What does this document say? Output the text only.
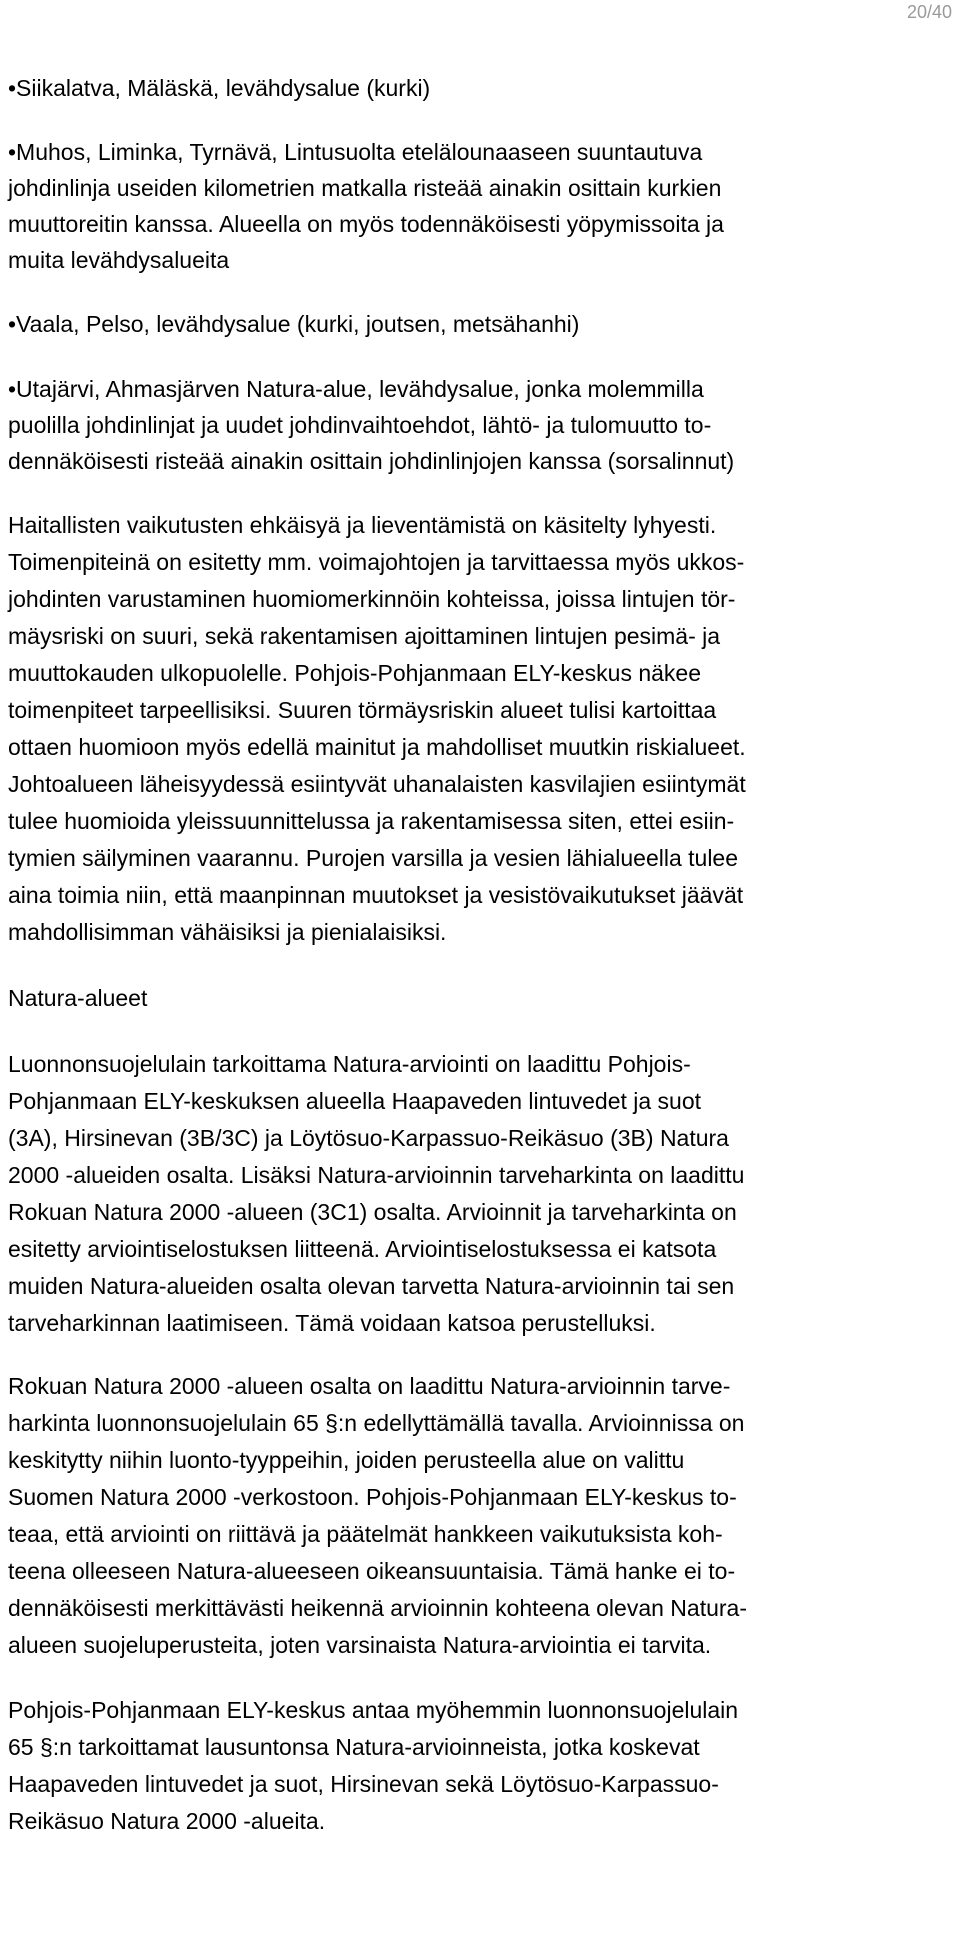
20/40

•Siikalatva, Mäläskä, levähdysalue (kurki)

•Muhos, Liminka, Tyrnävä, Lintusuolta etelälounaaseen suuntautuva

johdinlinja useiden kilometrien matkalla risteää ainakin osittain kurkien

muuttoreitin kanssa. Alueella on myös todennäköisesti yöpymissoita ja

muita levähdysalueita

•Vaala, Pelso, levähdysalue (kurki, joutsen, metsähanhi)

•Utajärvi, Ahmasjärven Natura-alue, levähdysalue, jonka molemmilla

puolilla johdinlinjat ja uudet johdinvaihtoehdot, lähtö- ja tulomuutto to-

dennäköisesti risteää ainakin osittain johdinlinjojen kanssa (sorsalinnut)

Haitallisten vaikutusten ehkäisyä ja lieventämistä on käsitelty lyhyesti.

Toimenpiteinä on esitetty mm. voimajohtojen ja tarvittaessa myös ukkos-

johdinten varustaminen huomiomerkinnöin kohteissa, joissa lintujen tör-

mäysriski on suuri, sekä rakentamisen ajoittaminen lintujen pesimä- ja

muuttokauden ulkopuolelle. Pohjois-Pohjanmaan ELY-keskus näkee

toimenpiteet tarpeellisiksi. Suuren törmäysriskin alueet tulisi kartoittaa

ottaen huomioon myös edellä mainitut ja mahdolliset muutkin riskialueet.

Johtoalueen läheisyydessä esiintyvät uhanalaisten kasvilajien esiintymät

tulee huomioida yleissuunnittelussa ja rakentamisessa siten, ettei esiin-

tymien säilyminen vaarannu. Purojen varsilla ja vesien lähialueella tulee

aina toimia niin, että maanpinnan muutokset ja vesistövaikutukset jäävät

mahdollisimman vähäisiksi ja pienialaisiksi.

Natura-alueet

Luonnonsuojelulain tarkoittama Natura-arviointi on laadittu Pohjois-

Pohjanmaan ELY-keskuksen alueella Haapaveden lintuvedet ja suot

(3A), Hirsinevan (3B/3C) ja Löytösuo-Karpassuo-Reikäsuo (3B) Natura

2000 -alueiden osalta. Lisäksi Natura-arvioinnin tarveharkinta on laadittu

Rokuan Natura 2000 -alueen (3C1) osalta. Arvioinnit ja tarveharkinta on

esitetty arviointiselostuksen liitteenä. Arviointiselostuksessa ei katsota

muiden Natura-alueiden osalta olevan tarvetta Natura-arvioinnin tai sen

tarveharkinnan laatimiseen. Tämä voidaan katsoa perustelluksi.

Rokuan Natura 2000 -alueen osalta on laadittu Natura-arvioinnin tarve-

harkinta luonnonsuojelulain 65 §:n edellyttämällä tavalla. Arvioinnissa on

keskitytty niihin luonto-tyyppeihin, joiden perusteella alue on valittu

Suomen Natura 2000 -verkostoon. Pohjois-Pohjanmaan ELY-keskus to-

teaa, että arviointi on riittävä ja päätelmät hankkeen vaikutuksista koh-

teena olleeseen Natura-alueeseen oikeansuuntaisia. Tämä hanke ei to-

dennäköisesti merkittävästi heikennä arvioinnin kohteena olevan Natura-

alueen suojeluperusteita, joten varsinaista Natura-arviointia ei tarvita.

Pohjois-Pohjanmaan ELY-keskus antaa myöhemmin luonnonsuojelulain

65 §:n tarkoittamat lausuntonsa Natura-arvioinneista, jotka koskevat

Haapaveden lintuvedet ja suot, Hirsinevan sekä Löytösuo-Karpassuo-

Reikäsuo Natura 2000 -alueita.
